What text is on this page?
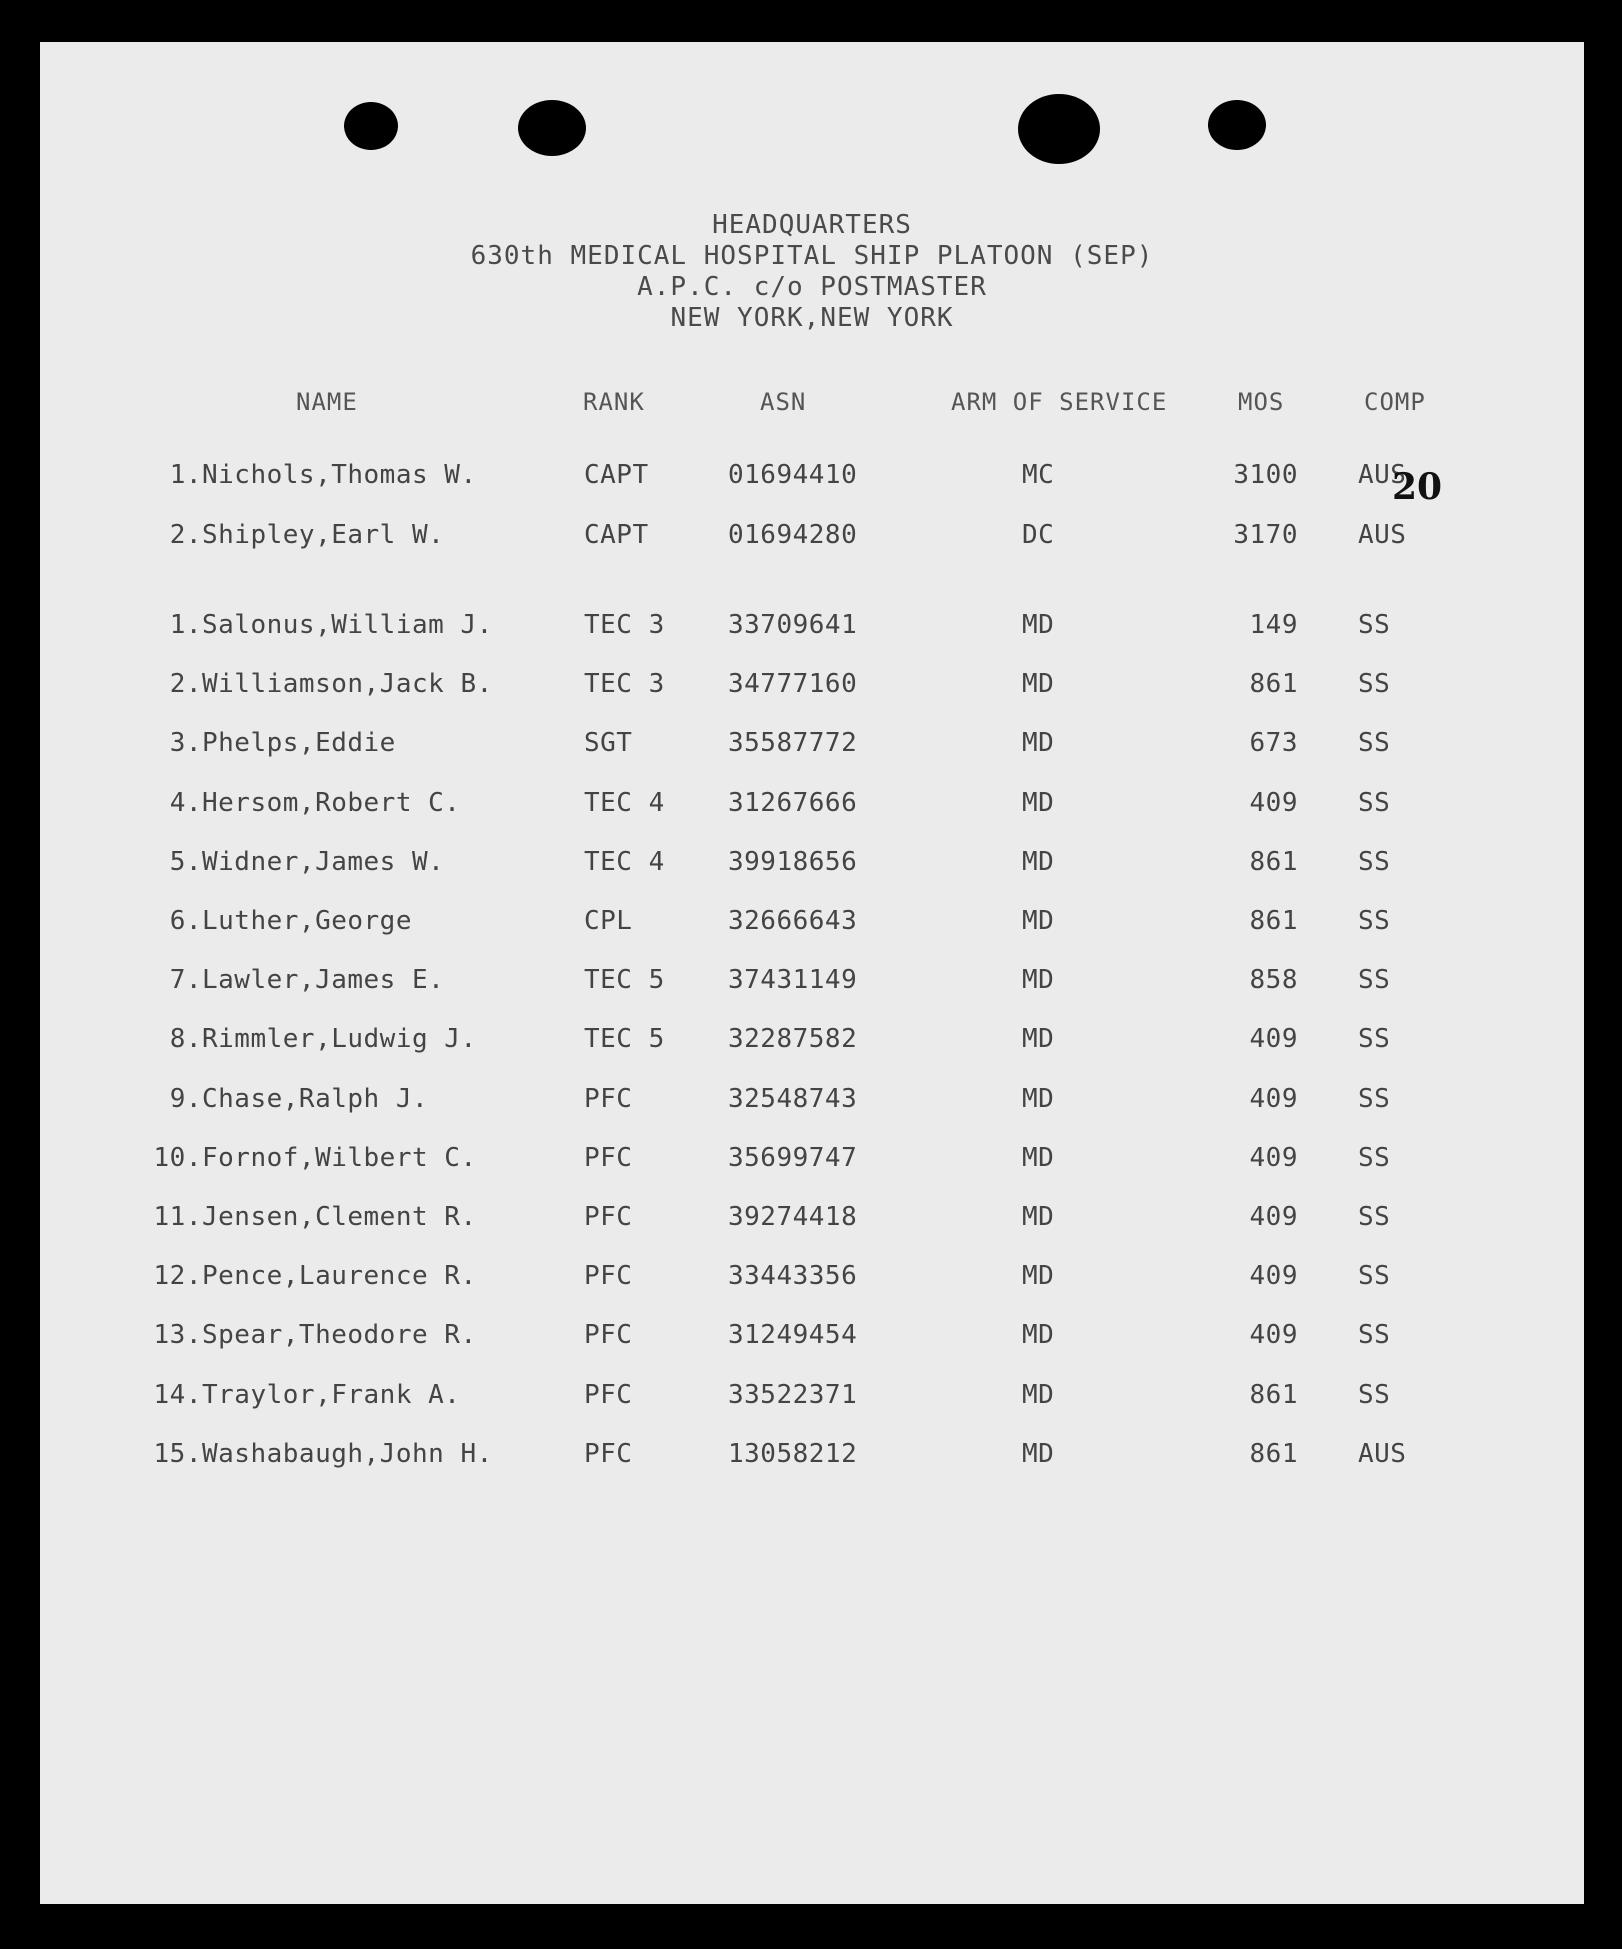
HEADQUARTERS
630th MEDICAL HOSPITAL SHIP PLATOON (SEP)
A.P.C. c/o POSTMASTER
NEW YORK,NEW YORK
NAME	RANK	ASN	ARM OF SERVICE	MOS	COMP
1. Nichols,Thomas W.	CAPT	01694410	MC	3100 AUS
2. Shipley,Earl W.	CAPT	01694280	DC	3170 AUS
1. Salonus,William J.	TEC 3 33709641	MD	149 SS
2. Williamson,Jack B.	TEC 3 34777160	MD	861 SS
3. Phelps,Eddie	SGT	35587772	MD	673 SS
4. Hersom,Robert C.	TEC 4 31267666	MD	409 SS
5. Widner,James W.	TEC 4 39918656	MD	861 SS
6. Luther,George	CPL	32666643	MD	861 SS
7. Lawler,James E.	TEC 5 37431149	MD	858 SS
8. Rimmler,Ludwig J.	TEC 5 32287582	MD	409 SS
9. Chase,Ralph J.	PFC	32548743	MD	409 SS
10. Fornof,Wilbert C.	PFC	35699747	MD	409 SS
11. Jensen,Clement R.	PFC	39274418	MD	409 SS
12. Pence,Laurence R.	PFC	33443356	MD	409 SS
13. Spear,Theodore R.	PFC	31249454	MD	409 SS
14. Traylor,Frank A.	PFC	33522371	MD	861 SS
15. Washabaugh,John H.	PFC	13058212	MD	861 AUS
20
